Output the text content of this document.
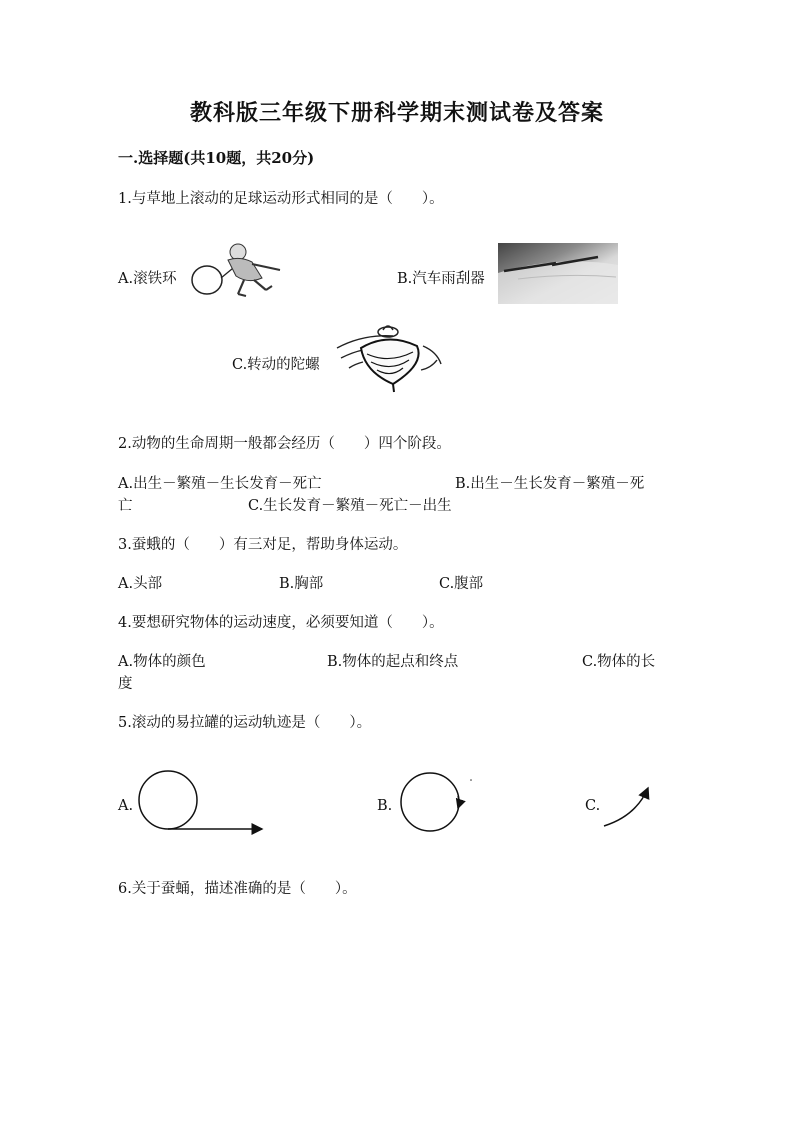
教科版三年级下册科学期末测试卷及答案
一.选择题(共10题，共20分)
1.与草地上滚动的足球运动形式相同的是（　　）。
A.滚铁环	B.汽车雨刮器
C.转动的陀螺
2.动物的生命周期一般都会经历（　　）四个阶段。
A.出生－繁殖－生长发育－死亡	B.出生－生长发育－繁殖－死
亡	C.生长发育－繁殖－死亡－出生
3.蚕蛾的（　　）有三对足，帮助身体运动。
A.头部	B.胸部	C.腹部
4.要想研究物体的运动速度，必须要知道（　　）。
A.物体的颜色	B.物体的起点和终点	C.物体的长
度
5.滚动的易拉罐的运动轨迹是（　　）。
A.	B.	C.
6.关于蚕蛹，描述准确的是（　　）。
